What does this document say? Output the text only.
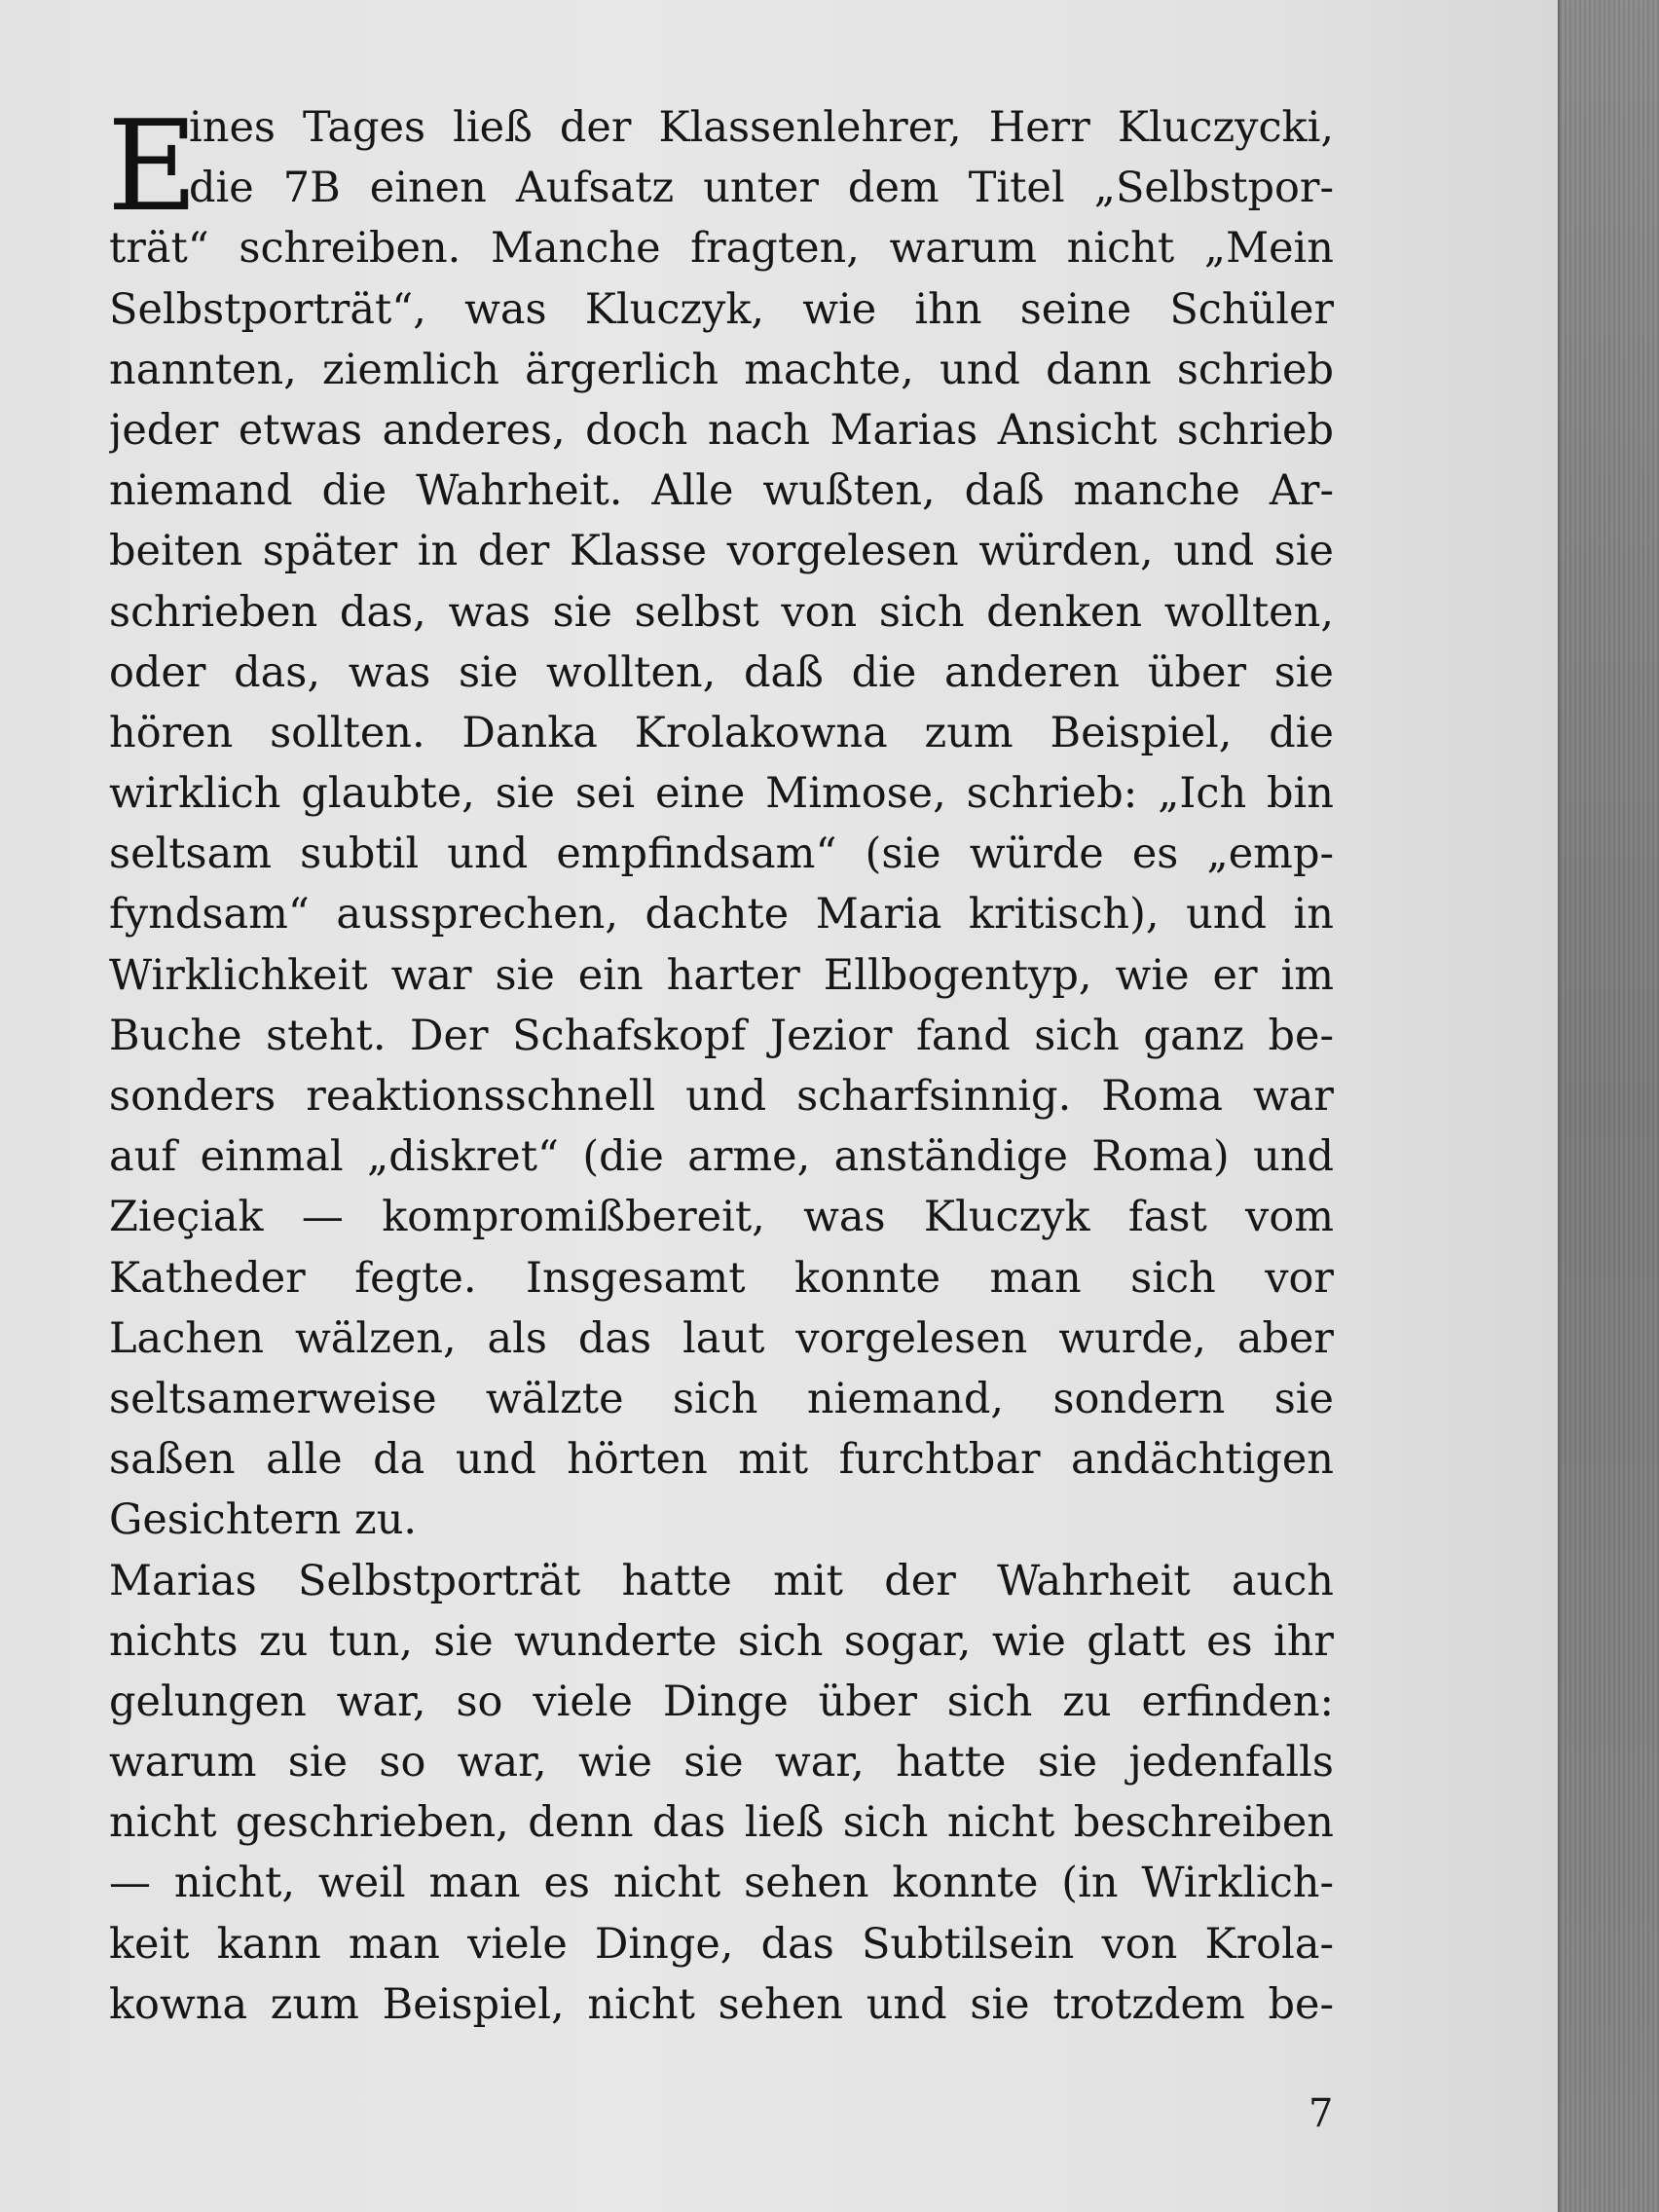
E
ines Tages ließ der Klassenlehrer, Herr Kluczycki,
die 7B einen Aufsatz unter dem Titel „Selbstpor-
trät“ schreiben. Manche fragten, warum nicht „Mein
Selbstporträt“, was Kluczyk, wie ihn seine Schüler
nannten, ziemlich ärgerlich machte, und dann schrieb
jeder etwas anderes, doch nach Marias Ansicht schrieb
niemand die Wahrheit. Alle wußten, daß manche Ar-
beiten später in der Klasse vorgelesen würden, und sie
schrieben das, was sie selbst von sich denken wollten,
oder das, was sie wollten, daß die anderen über sie
hören sollten. Danka Krolakowna zum Beispiel, die
wirklich glaubte, sie sei eine Mimose, schrieb: „Ich bin
seltsam subtil und empfindsam“ (sie würde es „emp-
fyndsam“ aussprechen, dachte Maria kritisch), und in
Wirklichkeit war sie ein harter Ellbogentyp, wie er im
Buche steht. Der Schafskopf Jezior fand sich ganz be-
sonders reaktionsschnell und scharfsinnig. Roma war
auf einmal „diskret“ (die arme, anständige Roma) und
Zieçiak — kompromißbereit, was Kluczyk fast vom
Katheder fegte. Insgesamt konnte man sich vor
Lachen wälzen, als das laut vorgelesen wurde, aber
seltsamerweise wälzte sich niemand, sondern sie
saßen alle da und hörten mit furchtbar andächtigen
Gesichtern zu.
Marias Selbstporträt hatte mit der Wahrheit auch
nichts zu tun, sie wunderte sich sogar, wie glatt es ihr
gelungen war, so viele Dinge über sich zu erfinden:
warum sie so war, wie sie war, hatte sie jedenfalls
nicht geschrieben, denn das ließ sich nicht beschreiben
— nicht, weil man es nicht sehen konnte (in Wirklich-
keit kann man viele Dinge, das Subtilsein von Krola-
kowna zum Beispiel, nicht sehen und sie trotzdem be-
7
